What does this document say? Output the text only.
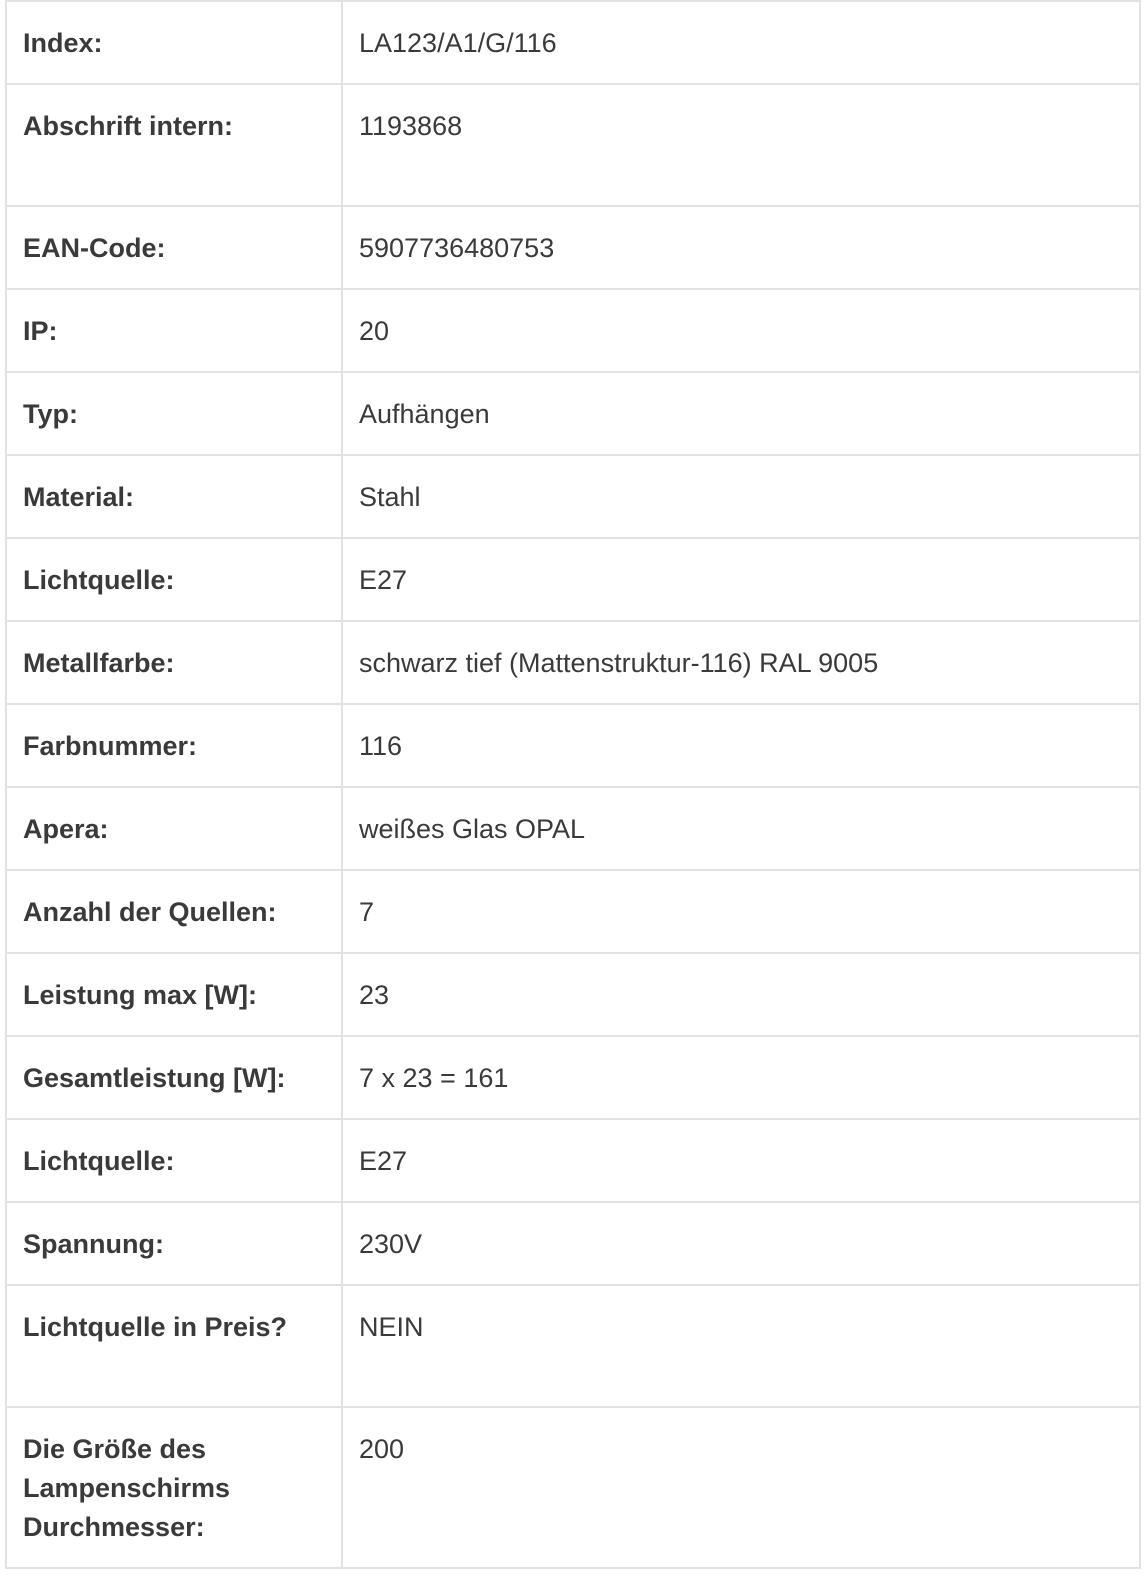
Index:	LA123/A1/G/116
Abschrift intern:	1193868
EAN-Code:	5907736480753
IP:	20
Typ:	Aufhängen
Material:	Stahl
Lichtquelle:	E27
Metallfarbe:	schwarz tief (Mattenstruktur-116) RAL 9005
Farbnummer:	116
Apera:	weißes Glas OPAL
Anzahl der Quellen:	7
Leistung max [W]:	23
Gesamtleistung [W]:	7 x 23 = 161
Lichtquelle:	E27
Spannung:	230V
Lichtquelle in Preis?	NEIN
Die Größe des Lampenschirms Durchmesser:	200
